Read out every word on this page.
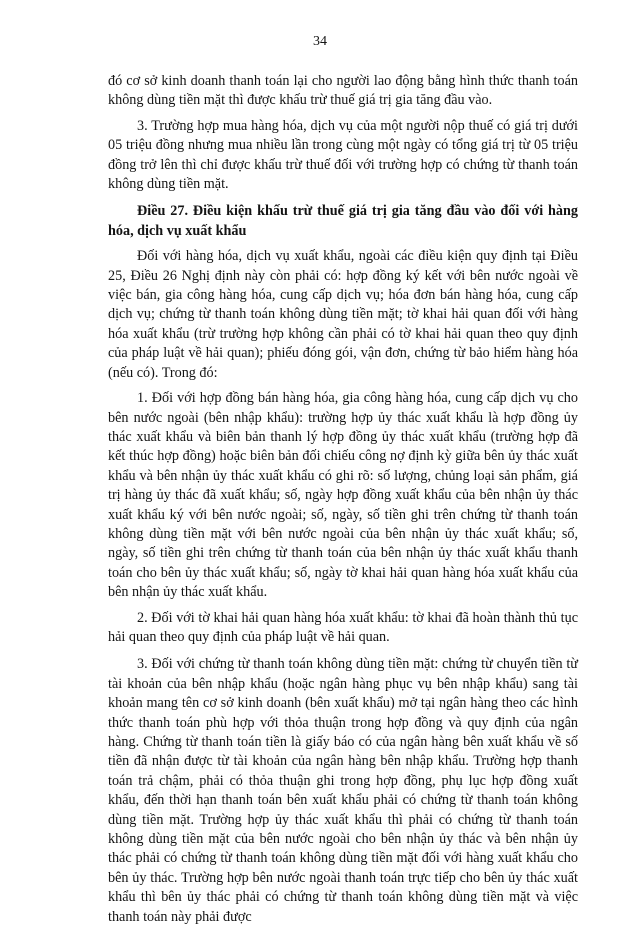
34

đó cơ sở kinh doanh thanh toán lại cho người lao động bằng hình thức thanh toán không dùng tiền mặt thì được khấu trừ thuế giá trị gia tăng đầu vào.

3. Trường hợp mua hàng hóa, dịch vụ của một người nộp thuế có giá trị dưới 05 triệu đồng nhưng mua nhiều lần trong cùng một ngày có tổng giá trị từ 05 triệu đồng trở lên thì chỉ được khấu trừ thuế đối với trường hợp có chứng từ thanh toán không dùng tiền mặt.

Điều 27. Điều kiện khấu trừ thuế giá trị gia tăng đầu vào đối với hàng hóa, dịch vụ xuất khẩu

Đối với hàng hóa, dịch vụ xuất khẩu, ngoài các điều kiện quy định tại Điều 25, Điều 26 Nghị định này còn phải có: hợp đồng ký kết với bên nước ngoài về việc bán, gia công hàng hóa, cung cấp dịch vụ; hóa đơn bán hàng hóa, cung cấp dịch vụ; chứng từ thanh toán không dùng tiền mặt; tờ khai hải quan đối với hàng hóa xuất khẩu (trừ trường hợp không cần phải có tờ khai hải quan theo quy định của pháp luật về hải quan); phiếu đóng gói, vận đơn, chứng từ bảo hiểm hàng hóa (nếu có). Trong đó:

1. Đối với hợp đồng bán hàng hóa, gia công hàng hóa, cung cấp dịch vụ cho bên nước ngoài (bên nhập khẩu): trường hợp ủy thác xuất khẩu là hợp đồng ủy thác xuất khẩu và biên bản thanh lý hợp đồng ủy thác xuất khẩu (trường hợp đã kết thúc hợp đồng) hoặc biên bản đối chiếu công nợ định kỳ giữa bên ủy thác xuất khẩu và bên nhận ủy thác xuất khẩu có ghi rõ: số lượng, chủng loại sản phẩm, giá trị hàng ủy thác đã xuất khẩu; số, ngày hợp đồng xuất khẩu của bên nhận ủy thác xuất khẩu ký với bên nước ngoài; số, ngày, số tiền ghi trên chứng từ thanh toán không dùng tiền mặt với bên nước ngoài của bên nhận ủy thác xuất khẩu; số, ngày, số tiền ghi trên chứng từ thanh toán của bên nhận ủy thác xuất khẩu thanh toán cho bên ủy thác xuất khẩu; số, ngày tờ khai hải quan hàng hóa xuất khẩu của bên nhận ủy thác xuất khẩu.

2. Đối với tờ khai hải quan hàng hóa xuất khẩu: tờ khai đã hoàn thành thủ tục hải quan theo quy định của pháp luật về hải quan.

3. Đối với chứng từ thanh toán không dùng tiền mặt: chứng từ chuyển tiền từ tài khoản của bên nhập khẩu (hoặc ngân hàng phục vụ bên nhập khẩu) sang tài khoản mang tên cơ sở kinh doanh (bên xuất khẩu) mở tại ngân hàng theo các hình thức thanh toán phù hợp với thỏa thuận trong hợp đồng và quy định của ngân hàng. Chứng từ thanh toán tiền là giấy báo có của ngân hàng bên xuất khẩu về số tiền đã nhận được từ tài khoản của ngân hàng bên nhập khẩu. Trường hợp thanh toán trả chậm, phải có thỏa thuận ghi trong hợp đồng, phụ lục hợp đồng xuất khẩu, đến thời hạn thanh toán bên xuất khẩu phải có chứng từ thanh toán không dùng tiền mặt. Trường hợp ủy thác xuất khẩu thì phải có chứng từ thanh toán không dùng tiền mặt của bên nước ngoài cho bên nhận ủy thác và bên nhận ủy thác phải có chứng từ thanh toán không dùng tiền mặt đối với hàng xuất khẩu cho bên ủy thác. Trường hợp bên nước ngoài thanh toán trực tiếp cho bên ủy thác xuất khẩu thì bên ủy thác phải có chứng từ thanh toán không dùng tiền mặt và việc thanh toán này phải được
